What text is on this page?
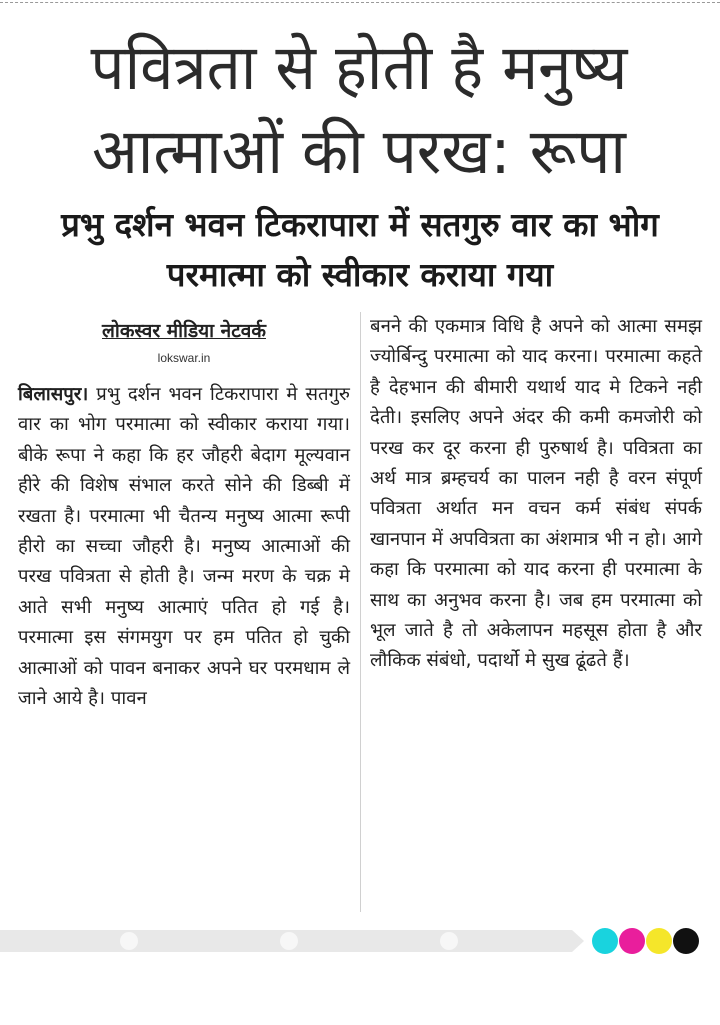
पवित्रता से होती है मनुष्य आत्माओं की परख: रूपा
प्रभु दर्शन भवन टिकरापारा में सतगुरु वार का भोग परमात्मा को स्वीकार कराया गया
लोकस्वर मीडिया नेटवर्क
lokswar.in

बिलासपुर। प्रभु दर्शन भवन टिकरापारा मे सतगुरु वार का भोग परमात्मा को स्वीकार कराया गया। बीके रूपा ने कहा कि हर जौहरी बेदाग मूल्यवान हीरे की विशेष संभाल करते सोने की डिब्बी में रखता है। परमात्मा भी चैतन्य मनुष्य आत्मा रूपी हीरो का सच्चा जौहरी है। मनुष्य आत्माओं की परख पवित्रता से होती है। जन्म मरण के चक्र मे आते सभी मनुष्य आत्माएं पतित हो गई है। परमात्मा इस संगमयुग पर हम पतित हो चुकी आत्माओं को पावन बनाकर अपने घर परमधाम ले जाने आये है। पावन

बनने की एकमात्र विधि है अपने को आत्मा समझ ज्योर्बिन्दु परमात्मा को याद करना। परमात्मा कहते है देहभान की बीमारी यथार्थ याद मे टिकने नही देती। इसलिए अपने अंदर की कमी कमजोरी को परख कर दूर करना ही पुरुषार्थ है। पवित्रता का अर्थ मात्र ब्रम्हचर्य का पालन नही है वरन संपूर्ण पवित्रता अर्थात मन वचन कर्म संबंध संपर्क खानपान में अपवित्रता का अंशमात्र भी न हो। आगे कहा कि परमात्मा को याद करना ही परमात्मा के साथ का अनुभव करना है। जब हम परमात्मा को भूल जाते है तो अकेलापन महसूस होता है और लौकिक संबंधो, पदार्थो मे सुख ढूंढते हैं।
